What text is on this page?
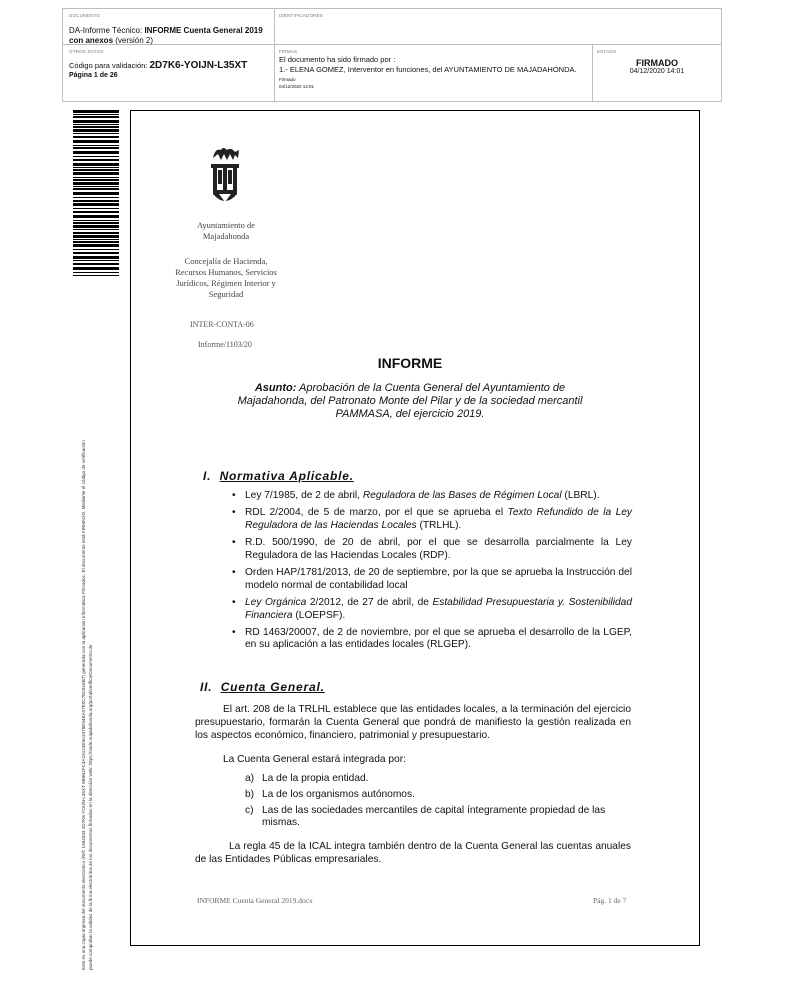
DOCUMENTO
DA-Informe Técnico: INFORME Cuenta General 2019 con anexos (versión 2)
IDENTIFICADORES
OTROS DATOS
Código para validación: 2D7K6-YOIJN-L35XT
Página 1 de 26
FIRMAS
El documento ha sido firmado por :
1.- ELENA GOMEZ, Interventor en funciones, del AYUNTAMIENTO DE MAJADAHONDA. Firmado
04/12/2020 14:01
ESTADO
FIRMADO
04/12/2020 14:01
Este es una copia impresa del documento electrónico (Ref: 1584333 2D7K6-YOIJN-L35XT 8B9B2FC4A23124E9A3378E94EA07E0C78C818B7) generada con la aplicación informática Firmadoc. El documento está FIRMADO. Mediante el código de verificación puede comprobar la validez de la firma electrónica de los documentos firmados en la dirección web: https://sede.majadahonda.org/portal/verificarDocumento.do
Ayuntamiento de
Majadahonda
Concejalía de Hacienda,
Recursos Humanos, Servicios
Jurídicos, Régimen Interior y
Seguridad
INTER-CONTA-06
Informe/1103/20
INFORME
Asunto: Aprobación de la Cuenta General del Ayuntamiento de Majadahonda, del Patronato Monte del Pilar y de la sociedad mercantil PAMMASA, del ejercicio 2019.
I. Normativa Aplicable.
• Ley 7/1985, de 2 de abril, Reguladora de las Bases de Régimen Local (LBRL).
• RDL 2/2004, de 5 de marzo, por el que se aprueba el Texto Refundido de la Ley Reguladora de las Haciendas Locales (TRLHL).
• R.D. 500/1990, de 20 de abril, por el que se desarrolla parcialmente la Ley Reguladora de las Haciendas Locales (RDP).
• Orden HAP/1781/2013, de 20 de septiembre, por la que se aprueba la Instrucción del modelo normal de contabilidad local
• Ley Orgánica 2/2012, de 27 de abril, de Estabilidad Presupuestaria y. Sostenibilidad Financiera (LOEPSF).
• RD 1463/20007, de 2 de noviembre, por el que se aprueba el desarrollo de la LGEP, en su aplicación a las entidades locales (RLGEP).
II. Cuenta General.
El art. 208 de la TRLHL establece que las entidades locales, a la terminación del ejercicio presupuestario, formarán la Cuenta General que pondrá de manifiesto la gestión realizada en los aspectos económico, financiero, patrimonial y presupuestario.
La Cuenta General estará integrada por:
a) La de la propia entidad.
b) La de los organismos autónomos.
c) Las de las sociedades mercantiles de capital íntegramente propiedad de las mismas.
La regla 45 de la ICAL integra también dentro de la Cuenta General las cuentas anuales de las Entidades Públicas empresariales.
INFORME Cuenta General 2019.docx	Pág. 1 de 7
